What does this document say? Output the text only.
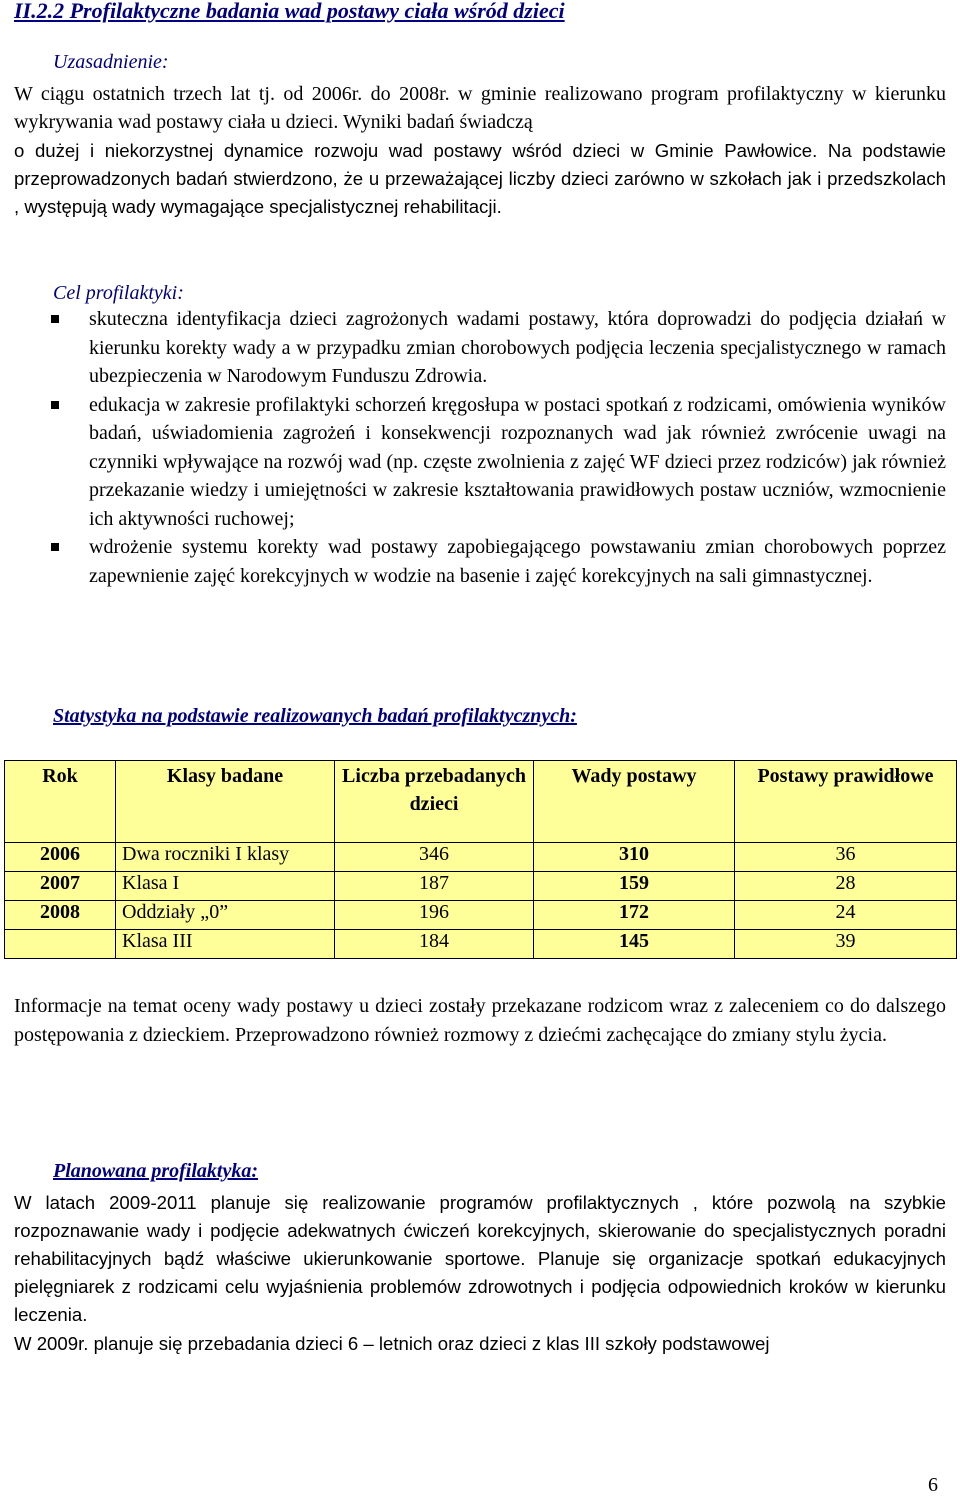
II.2.2 Profilaktyczne badania wad postawy ciała wśród dzieci
Uzasadnienie:
W ciągu ostatnich trzech lat tj. od 2006r. do 2008r. w gminie realizowano program profilaktyczny w kierunku wykrywania wad postawy ciała u dzieci. Wyniki badań świadczą
o dużej i niekorzystnej dynamice rozwoju wad postawy wśród dzieci w Gminie Pawłowice. Na podstawie przeprowadzonych badań stwierdzono, że u przeważającej liczby dzieci zarówno w szkołach jak i przedszkolach , występują wady wymagające specjalistycznej rehabilitacji.
Cel profilaktyki:
skuteczna identyfikacja dzieci zagrożonych wadami postawy, która doprowadzi do podjęcia działań w kierunku korekty wady a w przypadku zmian chorobowych podjęcia leczenia specjalistycznego w ramach ubezpieczenia w Narodowym Funduszu Zdrowia.
edukacja w zakresie profilaktyki schorzeń kręgosłupa w postaci spotkań z rodzicami, omówienia wyników badań, uświadomienia zagrożeń i konsekwencji rozpoznanych wad jak również zwrócenie uwagi na czynniki wpływające na rozwój wad (np. częste zwolnienia z zajęć WF dzieci przez rodziców) jak również przekazanie wiedzy i umiejętności w zakresie kształtowania prawidłowych postaw uczniów, wzmocnienie ich aktywności ruchowej;
wdrożenie systemu korekty wad postawy zapobiegającego powstawaniu zmian chorobowych poprzez zapewnienie zajęć korekcyjnych w wodzie na basenie i zajęć korekcyjnych na sali gimnastycznej.
Statystyka na podstawie realizowanych badań profilaktycznych:
Rok	Klasy badane	Liczba przebadanych dzieci	Wady postawy	Postawy prawidłowe
2006	Dwa roczniki I klasy	346	310	36
2007	Klasa I	187	159	28
2008	Oddziały „0”	196	172	24
	Klasa III	184	145	39
Informacje na temat oceny wady postawy u dzieci zostały przekazane rodzicom wraz z zaleceniem co do dalszego postępowania z dzieckiem. Przeprowadzono również rozmowy z dziećmi zachęcające do zmiany stylu życia.
Planowana profilaktyka:
W latach 2009-2011 planuje się realizowanie programów profilaktycznych , które pozwolą na szybkie rozpoznawanie wady i podjęcie adekwatnych ćwiczeń korekcyjnych, skierowanie do specjalistycznych poradni rehabilitacyjnych bądź właściwe ukierunkowanie sportowe. Planuje się organizacje spotkań edukacyjnych pielęgniarek z rodzicami celu wyjaśnienia problemów zdrowotnych i podjęcia odpowiednich kroków w kierunku leczenia.
W 2009r. planuje się przebadania dzieci 6 – letnich oraz dzieci z klas III szkoły podstawowej
6
